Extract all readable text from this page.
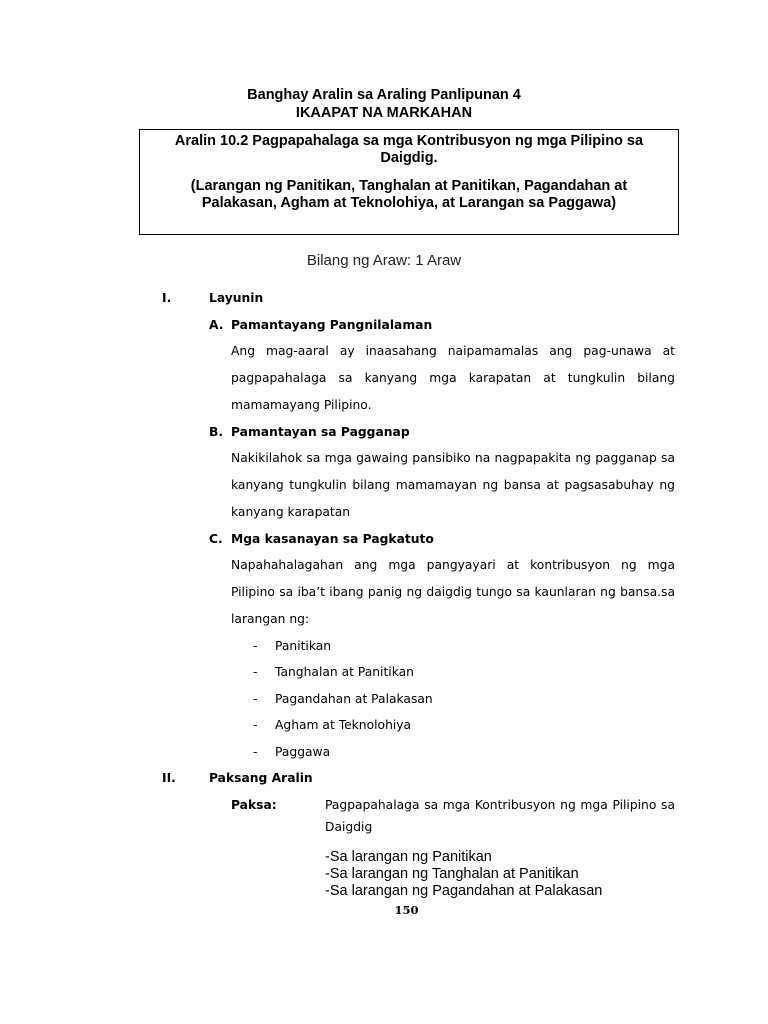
Banghay Aralin sa Araling Panlipunan 4
IKAAPAT NA MARKAHAN
Aralin 10.2 Pagpapahalaga sa mga Kontribusyon ng mga Pilipino sa
Daigdig.
(Larangan ng Panitikan, Tanghalan at Panitikan, Pagandahan at
Palakasan, Agham at Teknolohiya, at Larangan sa Paggawa)
Bilang ng Araw: 1 Araw
I.	Layunin
A. Pamantayang Pangnilalaman
Ang mag-aaral ay inaasahang naipamamalas ang pag-unawa at
pagpapahalaga sa kanyang mga karapatan at tungkulin bilang
mamamayang Pilipino.
B. Pamantayan sa Pagganap
Nakikilahok sa mga gawaing pansibiko na nagpapakita ng pagganap sa
kanyang tungkulin bilang mamamayan ng bansa at pagsasabuhay ng
kanyang karapatan
C. Mga kasanayan sa Pagkatuto
Napahahalagahan ang mga pangyayari at kontribusyon ng mga
Pilipino sa iba’t ibang panig ng daigdig tungo sa kaunlaran ng bansa.sa
larangan ng:
- Panitikan
- Tanghalan at Panitikan
- Pagandahan at Palakasan
- Agham at Teknolohiya
- Paggawa
II.	Paksang Aralin
Paksa:	Pagpapahalaga sa mga Kontribusyon ng mga Pilipino sa
Daigdig
-Sa larangan ng Panitikan
-Sa larangan ng Tanghalan at Panitikan
-Sa larangan ng Pagandahan at Palakasan
150
